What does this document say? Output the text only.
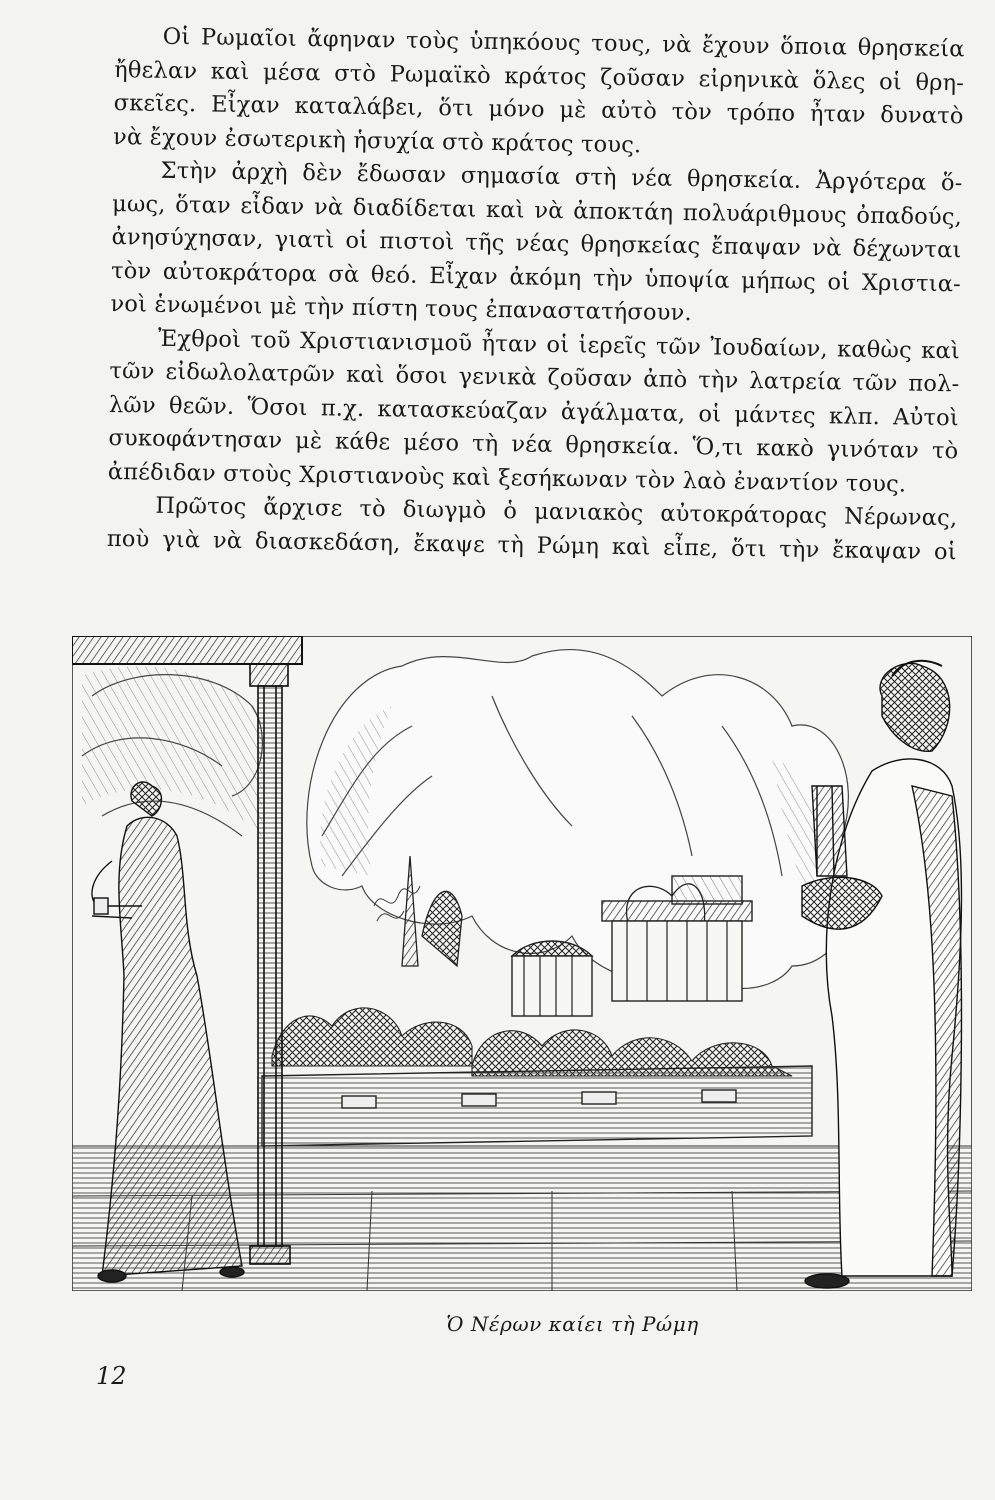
Οἱ Ρωμαῖοι ἄφηναν τοὺς ὑπηκόους τους, νὰ ἔχουν ὅποια θρησκεία
ἤθελαν καὶ μέσα στὸ Ρωμαϊκὸ κράτος ζοῦσαν εἰρηνικὰ ὅλες οἱ θρη-
σκεῖες. Εἶχαν καταλάβει, ὅτι μόνο μὲ αὐτὸ τὸν τρόπο ἦταν δυνατὸ
νὰ ἔχουν ἐσωτερικὴ ἡσυχία στὸ κράτος τους.
Στὴν ἀρχὴ δὲν ἔδωσαν σημασία στὴ νέα θρησκεία. Ἀργότερα ὅ-
μως, ὅταν εἶδαν νὰ διαδίδεται καὶ νὰ ἀποκτάη πολυάριθμους ὀπαδούς,
ἀνησύχησαν, γιατὶ οἱ πιστοὶ τῆς νέας θρησκείας ἔπαψαν νὰ δέχωνται
τὸν αὐτοκράτορα σὰ θεό. Εἶχαν ἀκόμη τὴν ὑποψία μήπως οἱ Χριστια-
νοὶ ἑνωμένοι μὲ τὴν πίστη τους ἐπαναστατήσουν.
Ἐχθροὶ τοῦ Χριστιανισμοῦ ἦταν οἱ ἱερεῖς τῶν Ἰουδαίων, καθὼς καὶ
τῶν εἰδωλολατρῶν καὶ ὅσοι γενικὰ ζοῦσαν ἀπὸ τὴν λατρεία τῶν πολ-
λῶν θεῶν. Ὅσοι π.χ. κατασκεύαζαν ἀγάλματα, οἱ μάντες κλπ. Αὐτοὶ
συκοφάντησαν μὲ κάθε μέσο τὴ νέα θρησκεία. Ὅ,τι κακὸ γινόταν τὸ
ἀπέδιδαν στοὺς Χριστιανοὺς καὶ ξεσήκωναν τὸν λαὸ ἐναντίον τους.
Πρῶτος ἄρχισε τὸ διωγμὸ ὁ μανιακὸς αὐτοκράτορας Νέρωνας,
ποὺ γιὰ νὰ διασκεδάση, ἔκαψε τὴ Ρώμη καὶ εἶπε, ὅτι τὴν ἔκαψαν οἱ
Ὁ Νέρων καίει τὴ Ρώμη
12
